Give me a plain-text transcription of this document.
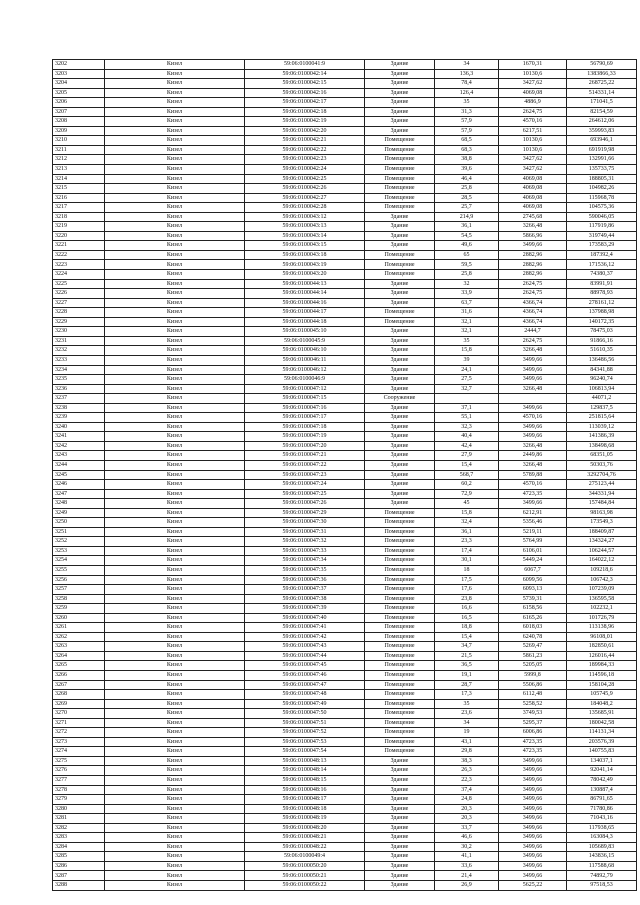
3202	Кизел	59:06:0100041:9	Здание	34	1670,31	56790,69
3203	Кизел	59:06:0100042:14	Здание	136,3	10130,6	1383866,33
3204	Кизел	59:06:0100042:15	Здание	78,4	3427,62	268725,22
3205	Кизел	59:06:0100042:16	Здание	126,4	4069,08	514331,14
3206	Кизел	59:06:0100042:17	Здание	35	4886,9	171041,5
3207	Кизел	59:06:0100042:18	Здание	31,3	2624,75	82154,59
3208	Кизел	59:06:0100042:19	Здание	57,9	4570,16	264612,06
3209	Кизел	59:06:0100042:20	Здание	57,9	6217,51	359993,83
3210	Кизел	59:06:0100042:21	Помещение	68,5	10130,6	693946,1
3211	Кизел	59:06:0100042:22	Помещение	68,3	10130,6	691919,98
3212	Кизел	59:06:0100042:23	Помещение	38,8	3427,62	132991,66
3213	Кизел	59:06:0100042:24	Помещение	39,6	3427,62	135733,75
3214	Кизел	59:06:0100042:25	Помещение	46,4	4069,08	188805,31
3215	Кизел	59:06:0100042:26	Помещение	25,8	4069,08	104982,26
3216	Кизел	59:06:0100042:27	Помещение	28,5	4069,08	115968,78
3217	Кизел	59:06:0100042:28	Помещение	25,7	4069,08	104575,36
3218	Кизел	59:06:0100043:12	Здание	214,9	2745,68	590046,05
3219	Кизел	59:06:0100043:13	Здание	36,1	3266,48	117919,86
3220	Кизел	59:06:0100043:14	Здание	54,5	5866,96	319749,44
3221	Кизел	59:06:0100043:15	Здание	49,6	3499,66	173583,29
3222	Кизел	59:06:0100043:18	Помещение	65	2882,96	187392,4
3223	Кизел	59:06:0100043:19	Помещение	59,5	2882,96	171536,12
3224	Кизел	59:06:0100043:20	Помещение	25,8	2882,96	74380,37
3225	Кизел	59:06:0100044:13	Здание	32	2624,75	83991,91
3226	Кизел	59:06:0100044:14	Здание	33,9	2624,75	88978,93
3227	Кизел	59:06:0100044:16	Здание	63,7	4366,74	278161,12
3228	Кизел	59:06:0100044:17	Помещение	31,6	4366,74	137988,98
3229	Кизел	59:06:0100044:18	Помещение	32,1	4366,74	140172,35
3230	Кизел	59:06:0100045:10	Здание	32,1	2444,7	78475,03
3231	Кизел	59:06:0100045:9	Здание	35	2624,75	91866,16
3232	Кизел	59:06:0100046:10	Здание	15,8	3266,48	51610,35
3233	Кизел	59:06:0100046:11	Здание	39	3499,66	136486,56
3234	Кизел	59:06:0100046:12	Здание	24,1	3499,66	84341,88
3235	Кизел	59:06:0100046:9	Здание	27,5	3499,66	96240,74
3236	Кизел	59:06:0100047:12	Здание	32,7	3266,48	106813,94
3237	Кизел	59:06:0100047:15	Сооружение			44071,2
3238	Кизел	59:06:0100047:16	Здание	37,1	3499,66	129837,5
3239	Кизел	59:06:0100047:17	Здание	55,1	4570,16	251815,64
3240	Кизел	59:06:0100047:18	Здание	32,3	3499,66	113039,12
3241	Кизел	59:06:0100047:19	Здание	40,4	3499,66	141386,39
3242	Кизел	59:06:0100047:20	Здание	42,4	3266,48	138498,68
3243	Кизел	59:06:0100047:21	Здание	27,9	2449,86	68351,05
3244	Кизел	59:06:0100047:22	Здание	15,4	3266,48	50303,76
3245	Кизел	59:06:0100047:23	Здание	568,7	5789,88	3292704,76
3246	Кизел	59:06:0100047:24	Здание	60,2	4570,16	275123,44
3247	Кизел	59:06:0100047:25	Здание	72,9	4723,35	344331,94
3248	Кизел	59:06:0100047:26	Здание	45	3499,66	157484,84
3249	Кизел	59:06:0100047:29	Помещение	15,8	6212,91	98163,98
3250	Кизел	59:06:0100047:30	Помещение	32,4	5356,46	173549,3
3251	Кизел	59:06:0100047:31	Помещение	36,1	5219,11	188409,87
3252	Кизел	59:06:0100047:32	Помещение	23,3	5764,99	134324,27
3253	Кизел	59:06:0100047:33	Помещение	17,4	6106,01	106244,57
3254	Кизел	59:06:0100047:34	Помещение	30,1	5449,24	164022,12
3255	Кизел	59:06:0100047:35	Помещение	18	6067,7	109218,6
3256	Кизел	59:06:0100047:36	Помещение	17,5	6099,56	106742,3
3257	Кизел	59:06:0100047:37	Помещение	17,6	6093,13	107239,09
3258	Кизел	59:06:0100047:38	Помещение	23,8	5739,31	136595,58
3259	Кизел	59:06:0100047:39	Помещение	16,6	6158,56	102232,1
3260	Кизел	59:06:0100047:40	Помещение	16,5	6165,26	101726,79
3261	Кизел	59:06:0100047:41	Помещение	18,8	6018,03	113138,96
3262	Кизел	59:06:0100047:42	Помещение	15,4	6240,78	96108,01
3263	Кизел	59:06:0100047:43	Помещение	34,7	5269,47	182850,61
3264	Кизел	59:06:0100047:44	Помещение	21,5	5861,23	126016,44
3265	Кизел	59:06:0100047:45	Помещение	36,5	5205,05	189984,33
3266	Кизел	59:06:0100047:46	Помещение	19,1	5999,8	114596,18
3267	Кизел	59:06:0100047:47	Помещение	28,7	5506,86	158104,28
3268	Кизел	59:06:0100047:48	Помещение	17,3	6112,48	105745,9
3269	Кизел	59:06:0100047:49	Помещение	35	5258,52	184048,2
3270	Кизел	59:06:0100047:50	Помещение	23,6	3749,53	135685,91
3271	Кизел	59:06:0100047:51	Помещение	34	5295,37	180042,58
3272	Кизел	59:06:0100047:52	Помещение	19	6006,86	114131,34
3273	Кизел	59:06:0100047:53	Помещение	43,1	4723,35	203576,39
3274	Кизел	59:06:0100047:54	Помещение	29,8	4723,35	140755,83
3275	Кизел	59:06:0100048:13	Здание	38,3	3499,66	134037,1
3276	Кизел	59:06:0100048:14	Здание	26,3	3499,66	92041,14
3277	Кизел	59:06:0100048:15	Здание	22,3	3499,66	78042,49
3278	Кизел	59:06:0100048:16	Здание	37,4	3499,66	130887,4
3279	Кизел	59:06:0100048:17	Здание	24,8	3499,66	86791,65
3280	Кизел	59:06:0100048:18	Здание	20,3	3499,66	71780,86
3281	Кизел	59:06:0100048:19	Здание	20,3	3499,66	71043,16
3282	Кизел	59:06:0100048:20	Здание	33,7	3499,66	117938,65
3283	Кизел	59:06:0100048:21	Здание	46,6	3499,66	163084,3
3284	Кизел	59:06:0100048:22	Здание	30,2	3499,66	105689,83
3285	Кизел	59:06:0100049:4	Здание	41,1	3499,66	143836,15
3286	Кизел	59:06:0100050:20	Здание	33,6	3499,66	117588,68
3287	Кизел	59:06:0100050:21	Здание	21,4	3499,66	74892,79
3288	Кизел	59:06:0100050:22	Здание	26,9	5625,22	97518,53
